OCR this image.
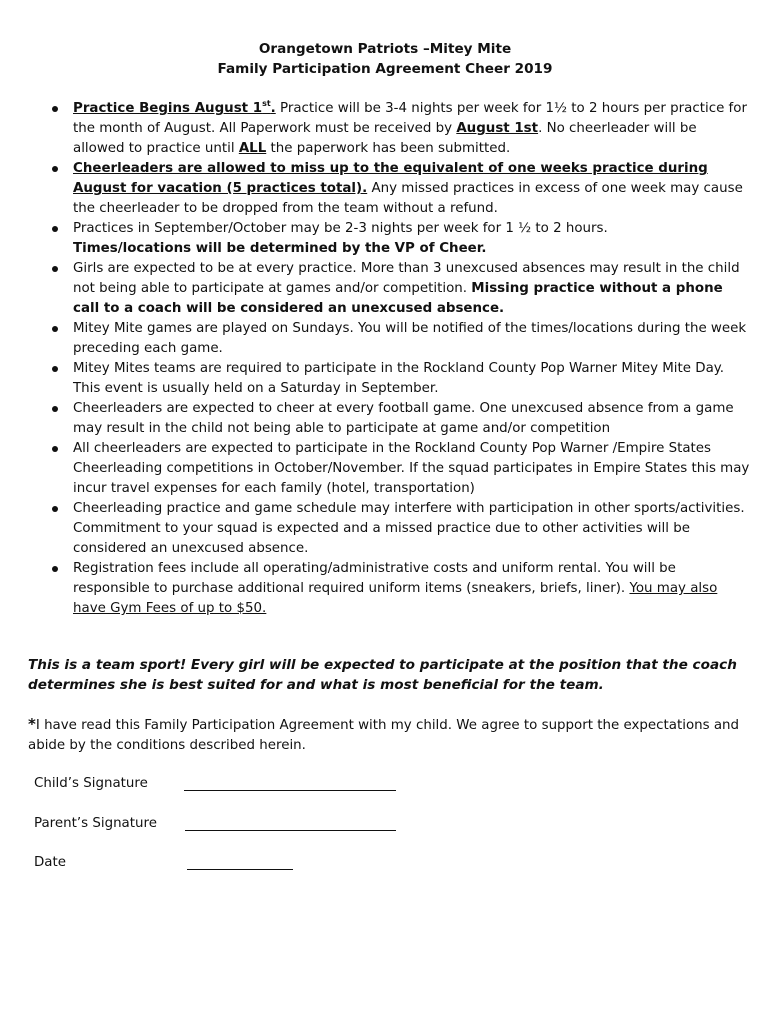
Orangetown Patriots –Mitey Mite
Family Participation Agreement Cheer 2019
Practice Begins August 1st. Practice will be 3-4 nights per week for 1½ to 2 hours per practice for the month of August. All Paperwork must be received by August 1st. No cheerleader will be allowed to practice until ALL the paperwork has been submitted.
Cheerleaders are allowed to miss up to the equivalent of one weeks practice during August for vacation (5 practices total). Any missed practices in excess of one week may cause the cheerleader to be dropped from the team without a refund.
Practices in September/October may be 2-3 nights per week for 1 ½ to 2 hours.
Times/locations will be determined by the VP of Cheer.
Girls are expected to be at every practice. More than 3 unexcused absences may result in the child not being able to participate at games and/or competition. Missing practice without a phone call to a coach will be considered an unexcused absence.
Mitey Mite games are played on Sundays. You will be notified of the times/locations during the week preceding each game.
Mitey Mites teams are required to participate in the Rockland County Pop Warner Mitey Mite Day. This event is usually held on a Saturday in September.
Cheerleaders are expected to cheer at every football game. One unexcused absence from a game may result in the child not being able to participate at game and/or competition
All cheerleaders are expected to participate in the Rockland County Pop Warner /Empire States Cheerleading competitions in October/November. If the squad participates in Empire States this may incur travel expenses for each family (hotel, transportation)
Cheerleading practice and game schedule may interfere with participation in other sports/activities. Commitment to your squad is expected and a missed practice due to other activities will be considered an unexcused absence.
Registration fees include all operating/administrative costs and uniform rental. You will be responsible to purchase additional required uniform items (sneakers, briefs, liner). You may also have Gym Fees of up to $50.
This is a team sport! Every girl will be expected to participate at the position that the coach determines she is best suited for and what is most beneficial for the team.
*I have read this Family Participation Agreement with my child. We agree to support the expectations and abide by the conditions described herein.
Child’s Signature
Parent’s Signature
Date
